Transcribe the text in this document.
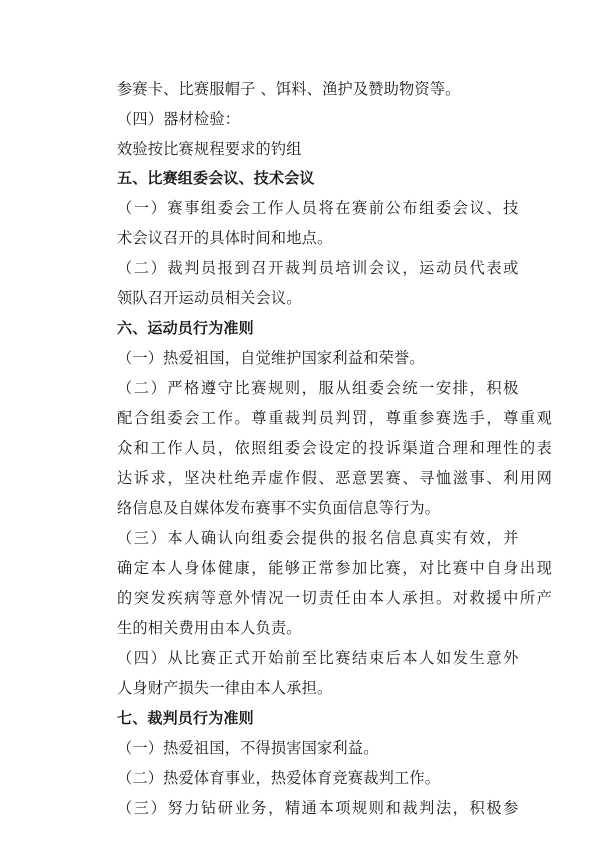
参赛卡、比赛服帽子 、饵料、渔护及赞助物资等。
（四）器材检验：
效验按比赛规程要求的钓组
五、比赛组委会议、技术会议
（一）赛事组委会工作人员将在赛前公布组委会议、技
术会议召开的具体时间和地点。
（二）裁判员报到召开裁判员培训会议，运动员代表或
领队召开运动员相关会议。
六、运动员行为准则
（一）热爱祖国，自觉维护国家利益和荣誉。
（二）严格遵守比赛规则，服从组委会统一安排，积极
配合组委会工作。尊重裁判员判罚，尊重参赛选手，尊重观
众和工作人员，依照组委会设定的投诉渠道合理和理性的表
达诉求，坚决杜绝弄虚作假、恶意罢赛、寻恤滋事、利用网
络信息及自媒体发布赛事不实负面信息等行为。
（三）本人确认向组委会提供的报名信息真实有效，并
确定本人身体健康，能够正常参加比赛，对比赛中自身出现
的突发疾病等意外情况一切责任由本人承担。对救援中所产
生的相关费用由本人负责。
（四）从比赛正式开始前至比赛结束后本人如发生意外
人身财产损失一律由本人承担。
七、裁判员行为准则
（一）热爱祖国，不得损害国家利益。
（二）热爱体育事业，热爱体育竞赛裁判工作。
（三）努力钻研业务，精通本项规则和裁判法，积极参
